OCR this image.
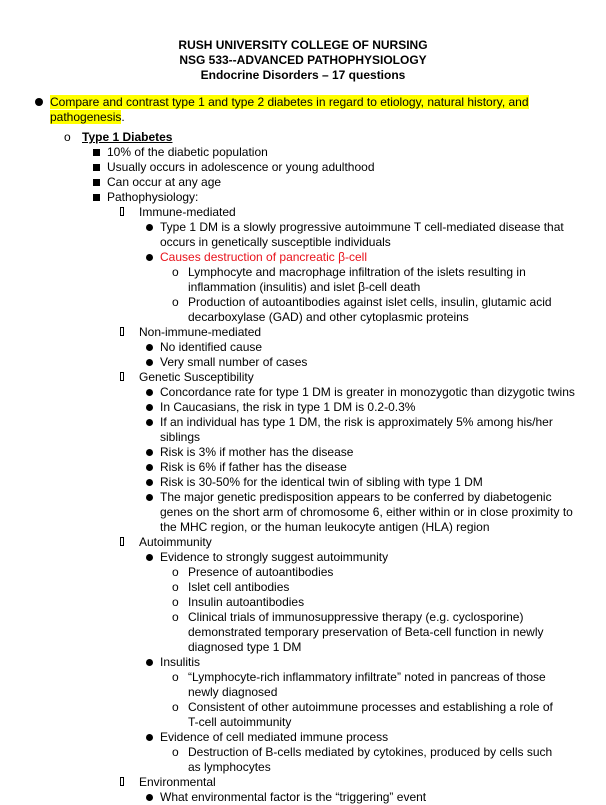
RUSH UNIVERSITY COLLEGE OF NURSING
NSG 533--ADVANCED PATHOPHYSIOLOGY
Endocrine Disorders – 17 questions
Compare and contrast type 1 and type 2 diabetes in regard to etiology, natural history, and pathogenesis.
o Type 1 Diabetes
10% of the diabetic population
Usually occurs in adolescence or young adulthood
Can occur at any age
Pathophysiology:
Immune-mediated
Type 1 DM is a slowly progressive autoimmune T cell-mediated disease that occurs in genetically susceptible individuals
Causes destruction of pancreatic β-cell
o Lymphocyte and macrophage infiltration of the islets resulting in inflammation (insulitis) and islet β-cell death
o Production of autoantibodies against islet cells, insulin, glutamic acid decarboxylase (GAD) and other cytoplasmic proteins
Non-immune-mediated
No identified cause
Very small number of cases
Genetic Susceptibility
Concordance rate for type 1 DM is greater in monozygotic than dizygotic twins
In Caucasians, the risk in type 1 DM is 0.2-0.3%
If an individual has type 1 DM, the risk is approximately 5% among his/her siblings
Risk is 3% if mother has the disease
Risk is 6% if father has the disease
Risk is 30-50% for the identical twin of sibling with type 1 DM
The major genetic predisposition appears to be conferred by diabetogenic genes on the short arm of chromosome 6, either within or in close proximity to the MHC region, or the human leukocyte antigen (HLA) region
Autoimmunity
Evidence to strongly suggest autoimmunity
o Presence of autoantibodies
o Islet cell antibodies
o Insulin autoantibodies
o Clinical trials of immunosuppressive therapy (e.g. cyclosporine) demonstrated temporary preservation of Beta-cell function in newly diagnosed type 1 DM
Insulitis
o “Lymphocyte-rich inflammatory infiltrate” noted in pancreas of those newly diagnosed
o Consistent of other autoimmune processes and establishing a role of T-cell autoimmunity
Evidence of cell mediated immune process
o Destruction of B-cells mediated by cytokines, produced by cells such as lymphocytes
Environmental
What environmental factor is the “triggering” event
